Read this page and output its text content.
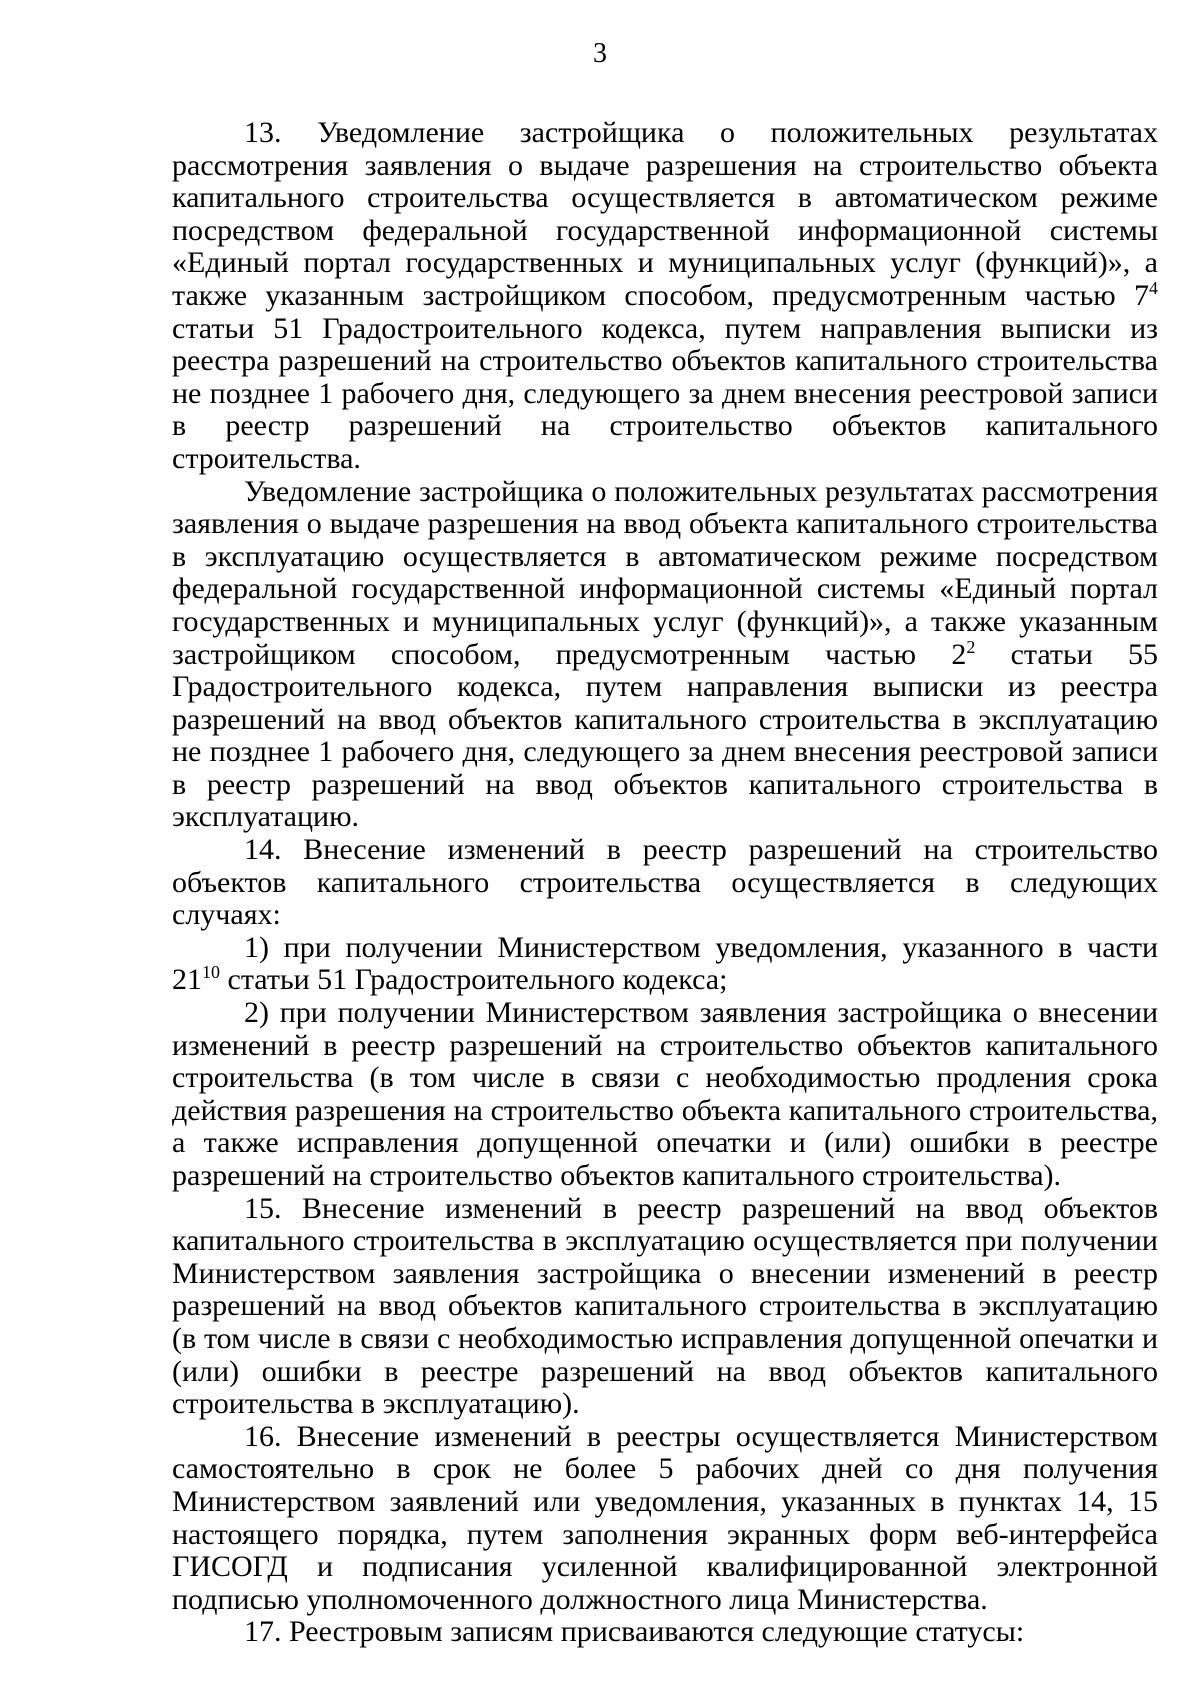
3

13. Уведомление застройщика о положительных результатах рассмотрения заявления о выдаче разрешения на строительство объекта капитального строительства осуществляется в автоматическом режиме посредством федеральной государственной информационной системы «Единый портал государственных и муниципальных услуг (функций)», а также указанным застройщиком способом, предусмотренным частью $7^4$ статьи 51 Градостроительного кодекса, путем направления выписки из реестра разрешений на строительство объектов капитального строительства не позднее 1 рабочего дня, следующего за днем внесения реестровой записи в реестр разрешений на строительство объектов капитального строительства.

Уведомление застройщика о положительных результатах рассмотрения заявления о выдаче разрешения на ввод объекта капитального строительства в эксплуатацию осуществляется в автоматическом режиме посредством федеральной государственной информационной системы «Единый портал государственных и муниципальных услуг (функций)», а также указанным застройщиком способом, предусмотренным частью $2^2$ статьи 55 Градостроительного кодекса, путем направления выписки из реестра разрешений на ввод объектов капитального строительства в эксплуатацию не позднее 1 рабочего дня, следующего за днем внесения реестровой записи в реестр разрешений на ввод объектов капитального строительства в эксплуатацию.

14. Внесение изменений в реестр разрешений на строительство объектов капитального строительства осуществляется в следующих случаях:

1) при получении Министерством уведомления, указанного в части $21^{10}$ статьи 51 Градостроительного кодекса;

2) при получении Министерством заявления застройщика о внесении изменений в реестр разрешений на строительство объектов капитального строительства (в том числе в связи с необходимостью продления срока действия разрешения на строительство объекта капитального строительства, а также исправления допущенной опечатки и (или) ошибки в реестре разрешений на строительство объектов капитального строительства).

15. Внесение изменений в реестр разрешений на ввод объектов капитального строительства в эксплуатацию осуществляется при получении Министерством заявления застройщика о внесении изменений в реестр разрешений на ввод объектов капитального строительства в эксплуатацию (в том числе в связи с необходимостью исправления допущенной опечатки и (или) ошибки в реестре разрешений на ввод объектов капитального строительства в эксплуатацию).

16. Внесение изменений в реестры осуществляется Министерством самостоятельно в срок не более 5 рабочих дней со дня получения Министерством заявлений или уведомления, указанных в пунктах 14, 15 настоящего порядка, путем заполнения экранных форм веб-интерфейса ГИСОГД и подписания усиленной квалифицированной электронной подписью уполномоченного должностного лица Министерства.

17. Реестровым записям присваиваются следующие статусы:
